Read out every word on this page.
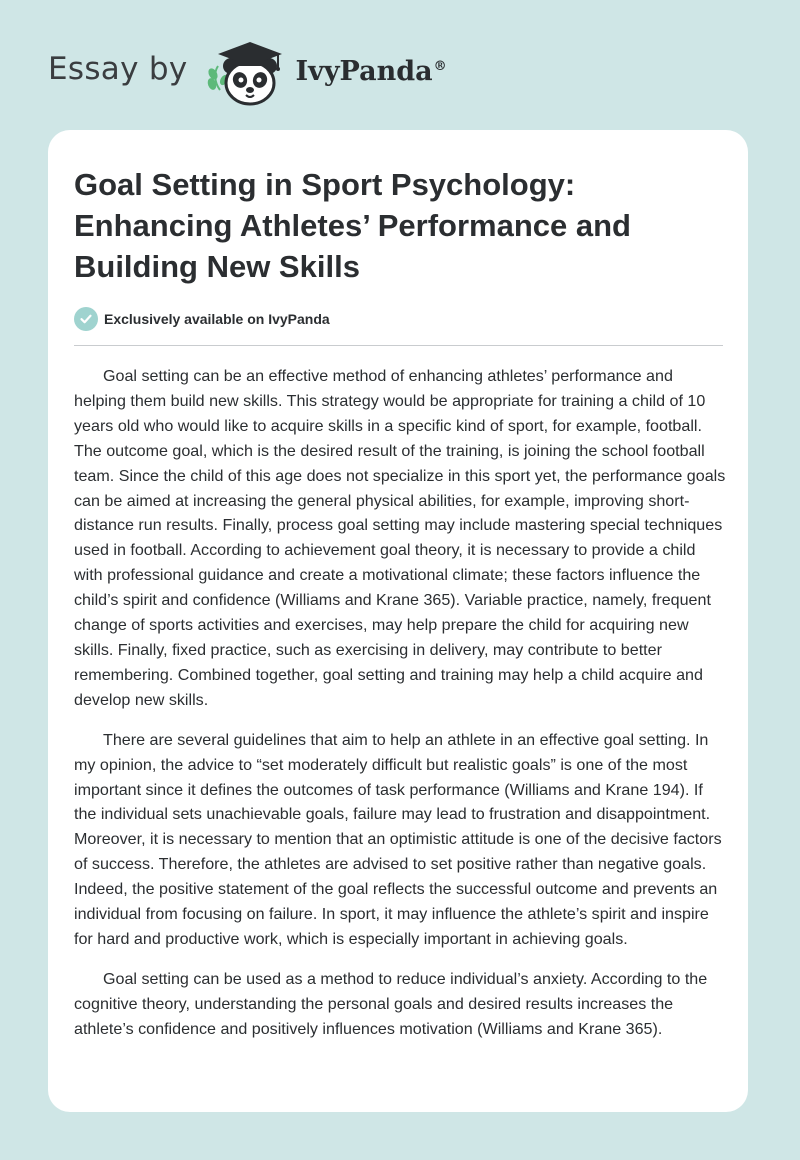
Essay by	IvyPanda®
Goal Setting in Sport Psychology: Enhancing Athletes’ Performance and Building New Skills
Exclusively available on IvyPanda

Goal setting can be an effective method of enhancing athletes’ performance and helping them build new skills. This strategy would be appropriate for training a child of 10 years old who would like to acquire skills in a specific kind of sport, for example, football. The outcome goal, which is the desired result of the training, is joining the school football team. Since the child of this age does not specialize in this sport yet, the performance goals can be aimed at increasing the general physical abilities, for example, improving short-distance run results. Finally, process goal setting may include mastering special techniques used in football. According to achievement goal theory, it is necessary to provide a child with professional guidance and create a motivational climate; these factors influence the child’s spirit and confidence (Williams and Krane 365). Variable practice, namely, frequent change of sports activities and exercises, may help prepare the child for acquiring new skills. Finally, fixed practice, such as exercising in delivery, may contribute to better remembering. Combined together, goal setting and training may help a child acquire and develop new skills.

There are several guidelines that aim to help an athlete in an effective goal setting. In my opinion, the advice to “set moderately difficult but realistic goals” is one of the most important since it defines the outcomes of task performance (Williams and Krane 194). If the individual sets unachievable goals, failure may lead to frustration and disappointment. Moreover, it is necessary to mention that an optimistic attitude is one of the decisive factors of success. Therefore, the athletes are advised to set positive rather than negative goals. Indeed, the positive statement of the goal reflects the successful outcome and prevents an individual from focusing on failure. In sport, it may influence the athlete’s spirit and inspire for hard and productive work, which is especially important in achieving goals.

Goal setting can be used as a method to reduce individual’s anxiety. According to the cognitive theory, understanding the personal goals and desired results increases the athlete’s confidence and positively influences motivation (Williams and Krane 365).
